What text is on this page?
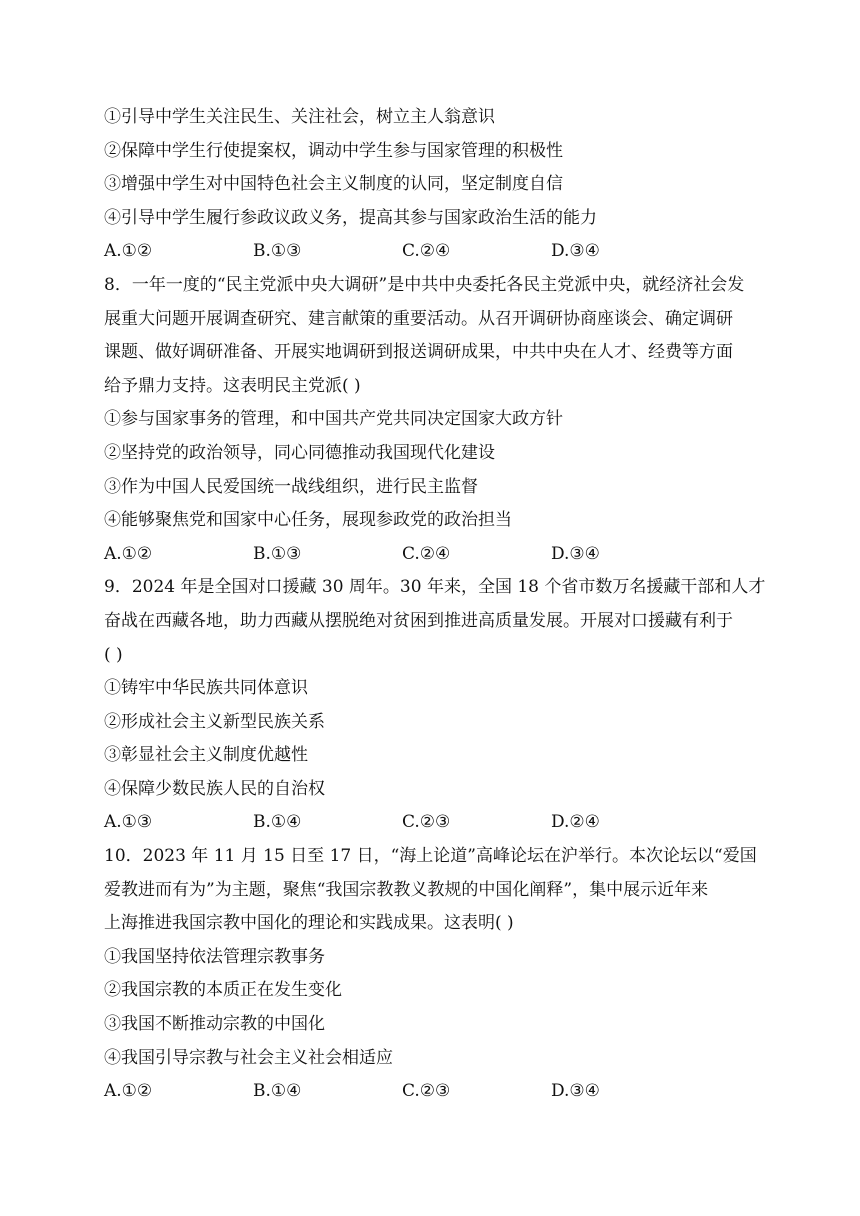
①引导中学生关注民生、关注社会，树立主人翁意识
②保障中学生行使提案权，调动中学生参与国家管理的积极性
③增强中学生对中国特色社会主义制度的认同，坚定制度自信
④引导中学生履行参政议政义务，提高其参与国家政治生活的能力
A.①②	B.①③	C.②④	D.③④
8．一年一度的“民主党派中央大调研”是中共中央委托各民主党派中央，就经济社会发
展重大问题开展调查研究、建言献策的重要活动。从召开调研协商座谈会、确定调研
课题、做好调研准备、开展实地调研到报送调研成果，中共中央在人才、经费等方面
给予鼎力支持。这表明民主党派( )
①参与国家事务的管理，和中国共产党共同决定国家大政方针
②坚持党的政治领导，同心同德推动我国现代化建设
③作为中国人民爱国统一战线组织，进行民主监督
④能够聚焦党和国家中心任务，展现参政党的政治担当
A.①②	B.①③	C.②④	D.③④
9．2024 年是全国对口援藏 30 周年。30 年来，全国 18 个省市数万名援藏干部和人才
奋战在西藏各地，助力西藏从摆脱绝对贫困到推进高质量发展。开展对口援藏有利于
( )
①铸牢中华民族共同体意识
②形成社会主义新型民族关系
③彰显社会主义制度优越性
④保障少数民族人民的自治权
A.①③	B.①④	C.②③	D.②④
10．2023 年 11 月 15 日至 17 日，“海上论道”高峰论坛在沪举行。本次论坛以“爱国
爱教进而有为”为主题，聚焦“我国宗教教义教规的中国化阐释”，集中展示近年来
上海推进我国宗教中国化的理论和实践成果。这表明( )
①我国坚持依法管理宗教事务
②我国宗教的本质正在发生变化
③我国不断推动宗教的中国化
④我国引导宗教与社会主义社会相适应
A.①②	B.①④	C.②③	D.③④
